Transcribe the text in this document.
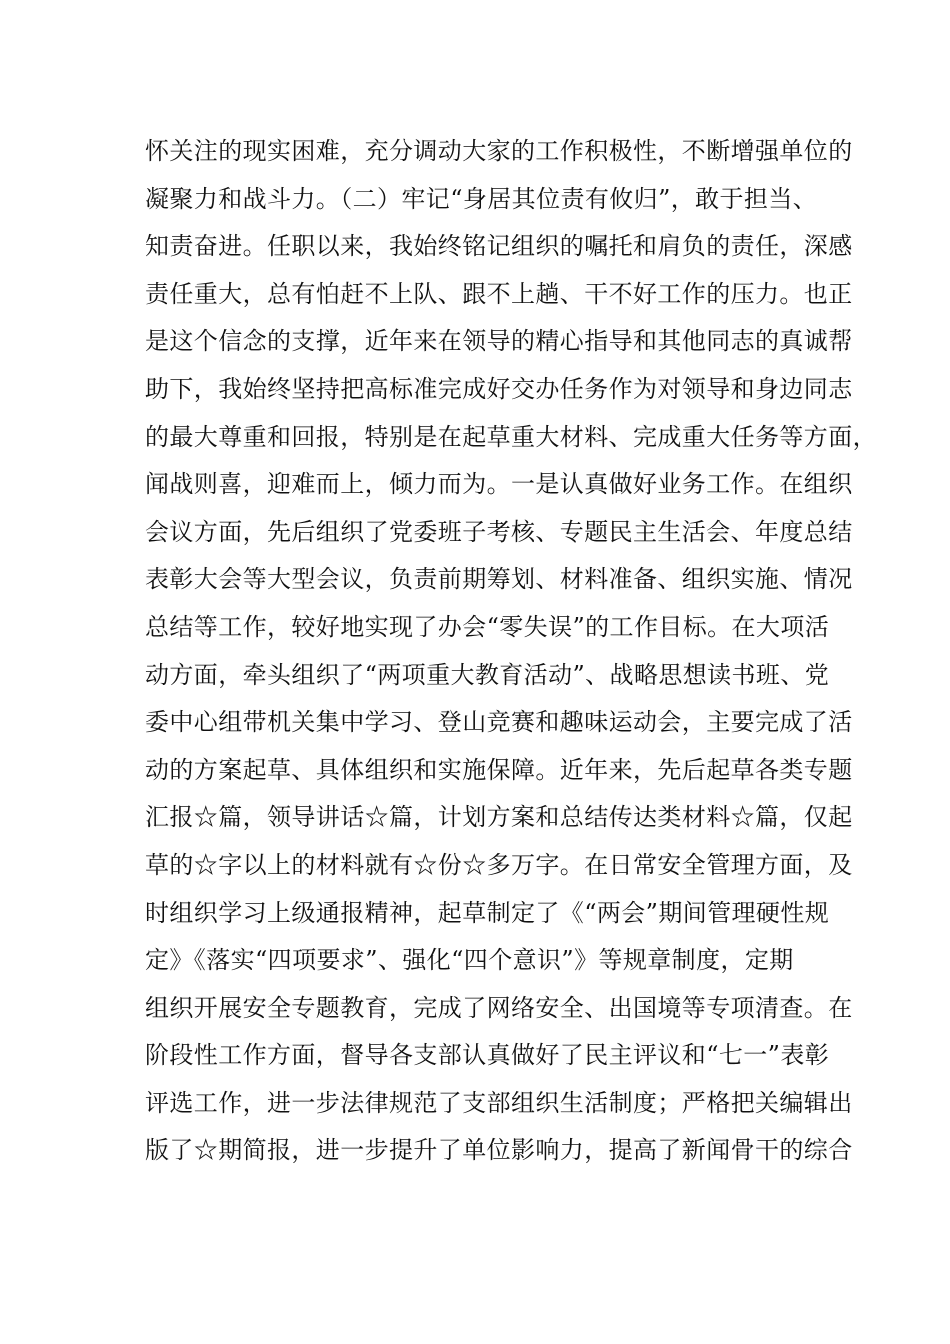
怀关注的现实困难，充分调动大家的工作积极性，不断增强单位的
凝聚力和战斗力。（二）牢记“身居其位责有攸归”，敢于担当、
知责奋进。任职以来，我始终铭记组织的嘱托和肩负的责任，深感
责任重大，总有怕赶不上队、跟不上趟、干不好工作的压力。也正
是这个信念的支撑，近年来在领导的精心指导和其他同志的真诚帮
助下，我始终坚持把高标准完成好交办任务作为对领导和身边同志
的最大尊重和回报，特别是在起草重大材料、完成重大任务等方面，
闻战则喜，迎难而上，倾力而为。一是认真做好业务工作。在组织
会议方面，先后组织了党委班子考核、专题民主生活会、年度总结
表彰大会等大型会议，负责前期筹划、材料准备、组织实施、情况
总结等工作，较好地实现了办会“零失误”的工作目标。在大项活
动方面，牵头组织了“两项重大教育活动”、战略思想读书班、党
委中心组带机关集中学习、登山竞赛和趣味运动会，主要完成了活
动的方案起草、具体组织和实施保障。近年来，先后起草各类专题
汇报☆篇，领导讲话☆篇，计划方案和总结传达类材料☆篇，仅起
草的☆字以上的材料就有☆份☆多万字。在日常安全管理方面，及
时组织学习上级通报精神，起草制定了《“两会”期间管理硬性规
定》《落实“四项要求”、强化“四个意识”》等规章制度，定期
组织开展安全专题教育，完成了网络安全、出国境等专项清查。在
阶段性工作方面，督导各支部认真做好了民主评议和“七一”表彰
评选工作，进一步法律规范了支部组织生活制度；严格把关编辑出
版了☆期简报，进一步提升了单位影响力，提高了新闻骨干的综合
